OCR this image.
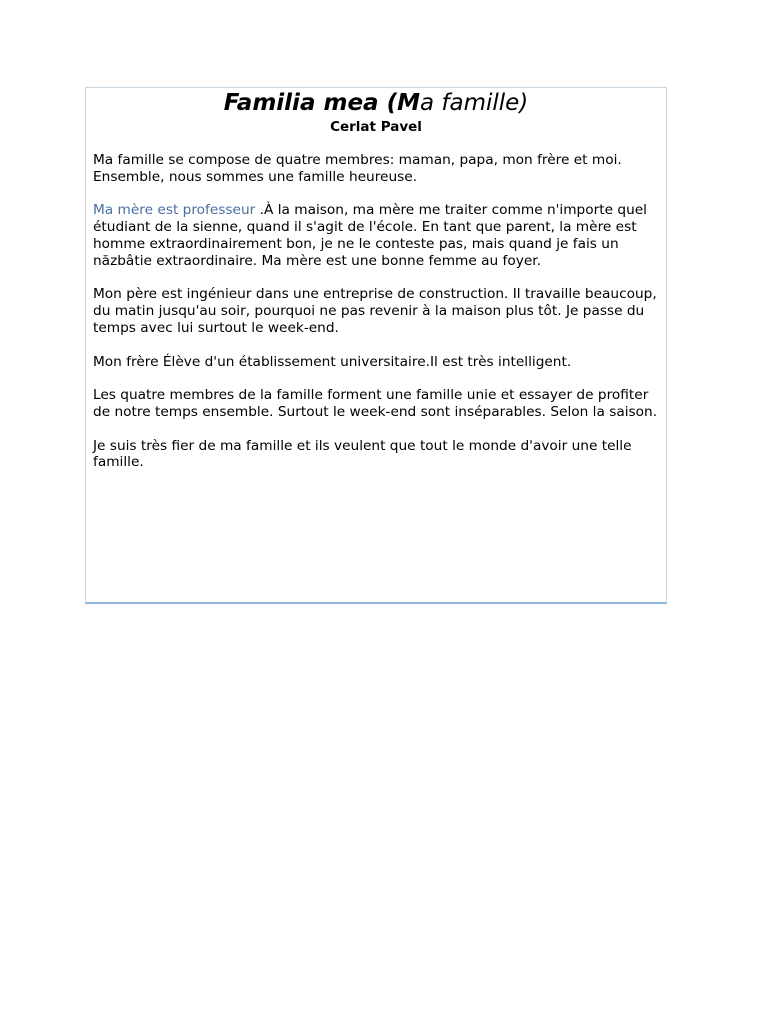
Familia mea (Ma famille)
Cerlat Pavel

Ma famille se compose de quatre membres: maman, papa, mon frère et moi. Ensemble, nous sommes une famille heureuse.

Ma mère est professeur .À la maison, ma mère me traiter comme n'importe quel étudiant de la sienne, quand il s'agit de l'école. En tant que parent, la mère est homme extraordinairement bon, je ne le conteste pas, mais quand je fais un năzbâtie extraordinaire. Ma mère est une bonne femme au foyer.

Mon père est ingénieur dans une entreprise de construction. Il travaille beaucoup, du matin jusqu'au soir, pourquoi ne pas revenir à la maison plus tôt. Je passe du temps avec lui surtout le week-end.

Mon frère Élève d'un établissement universitaire.Il est très intelligent.

Les quatre membres de la famille forment une famille unie et essayer de profiter de notre temps ensemble. Surtout le week-end sont inséparables. Selon la saison.

Je suis très fier de ma famille et ils veulent que tout le monde d'avoir une telle famille.
